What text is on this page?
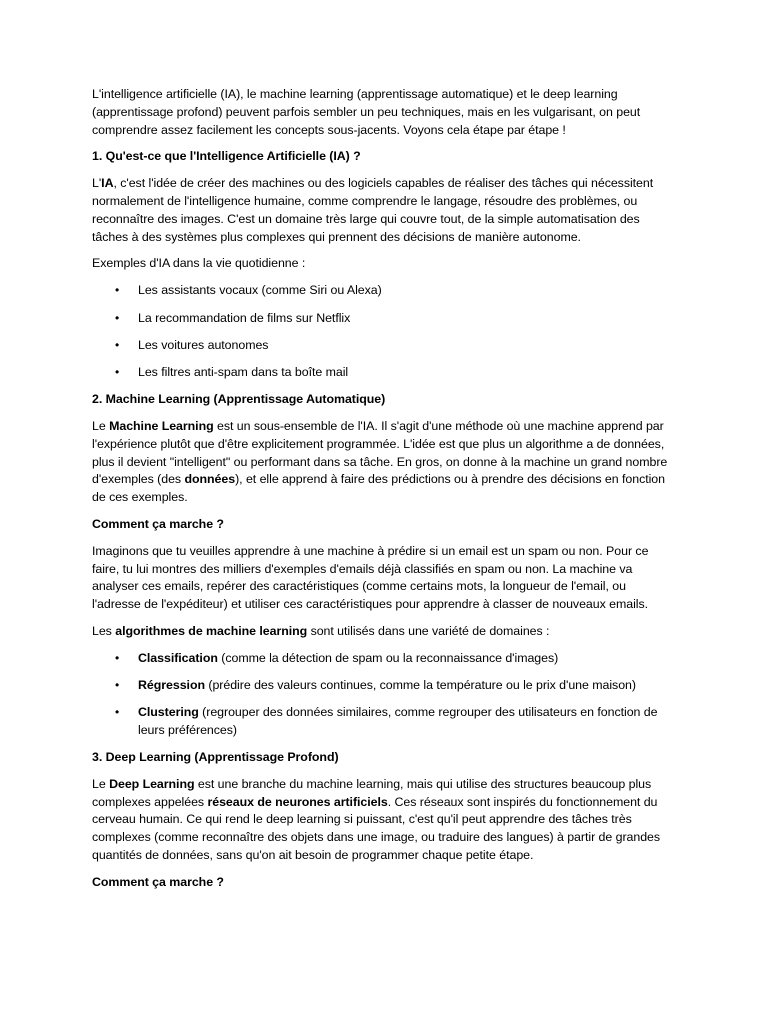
L'intelligence artificielle (IA), le machine learning (apprentissage automatique) et le deep learning (apprentissage profond) peuvent parfois sembler un peu techniques, mais en les vulgarisant, on peut comprendre assez facilement les concepts sous-jacents. Voyons cela étape par étape !

1. Qu'est-ce que l'Intelligence Artificielle (IA) ?

L'IA, c'est l'idée de créer des machines ou des logiciels capables de réaliser des tâches qui nécessitent normalement de l'intelligence humaine, comme comprendre le langage, résoudre des problèmes, ou reconnaître des images. C'est un domaine très large qui couvre tout, de la simple automatisation des tâches à des systèmes plus complexes qui prennent des décisions de manière autonome.

Exemples d'IA dans la vie quotidienne :

• Les assistants vocaux (comme Siri ou Alexa)
• La recommandation de films sur Netflix
• Les voitures autonomes
• Les filtres anti-spam dans ta boîte mail

2. Machine Learning (Apprentissage Automatique)

Le Machine Learning est un sous-ensemble de l'IA. Il s'agit d'une méthode où une machine apprend par l'expérience plutôt que d'être explicitement programmée. L'idée est que plus un algorithme a de données, plus il devient "intelligent" ou performant dans sa tâche. En gros, on donne à la machine un grand nombre d'exemples (des données), et elle apprend à faire des prédictions ou à prendre des décisions en fonction de ces exemples.

Comment ça marche ?

Imaginons que tu veuilles apprendre à une machine à prédire si un email est un spam ou non. Pour ce faire, tu lui montres des milliers d'exemples d'emails déjà classifiés en spam ou non. La machine va analyser ces emails, repérer des caractéristiques (comme certains mots, la longueur de l'email, ou l'adresse de l'expéditeur) et utiliser ces caractéristiques pour apprendre à classer de nouveaux emails.

Les algorithmes de machine learning sont utilisés dans une variété de domaines :

• Classification (comme la détection de spam ou la reconnaissance d'images)
• Régression (prédire des valeurs continues, comme la température ou le prix d'une maison)
• Clustering (regrouper des données similaires, comme regrouper des utilisateurs en fonction de leurs préférences)

3. Deep Learning (Apprentissage Profond)

Le Deep Learning est une branche du machine learning, mais qui utilise des structures beaucoup plus complexes appelées réseaux de neurones artificiels. Ces réseaux sont inspirés du fonctionnement du cerveau humain. Ce qui rend le deep learning si puissant, c'est qu'il peut apprendre des tâches très complexes (comme reconnaître des objets dans une image, ou traduire des langues) à partir de grandes quantités de données, sans qu'on ait besoin de programmer chaque petite étape.

Comment ça marche ?
